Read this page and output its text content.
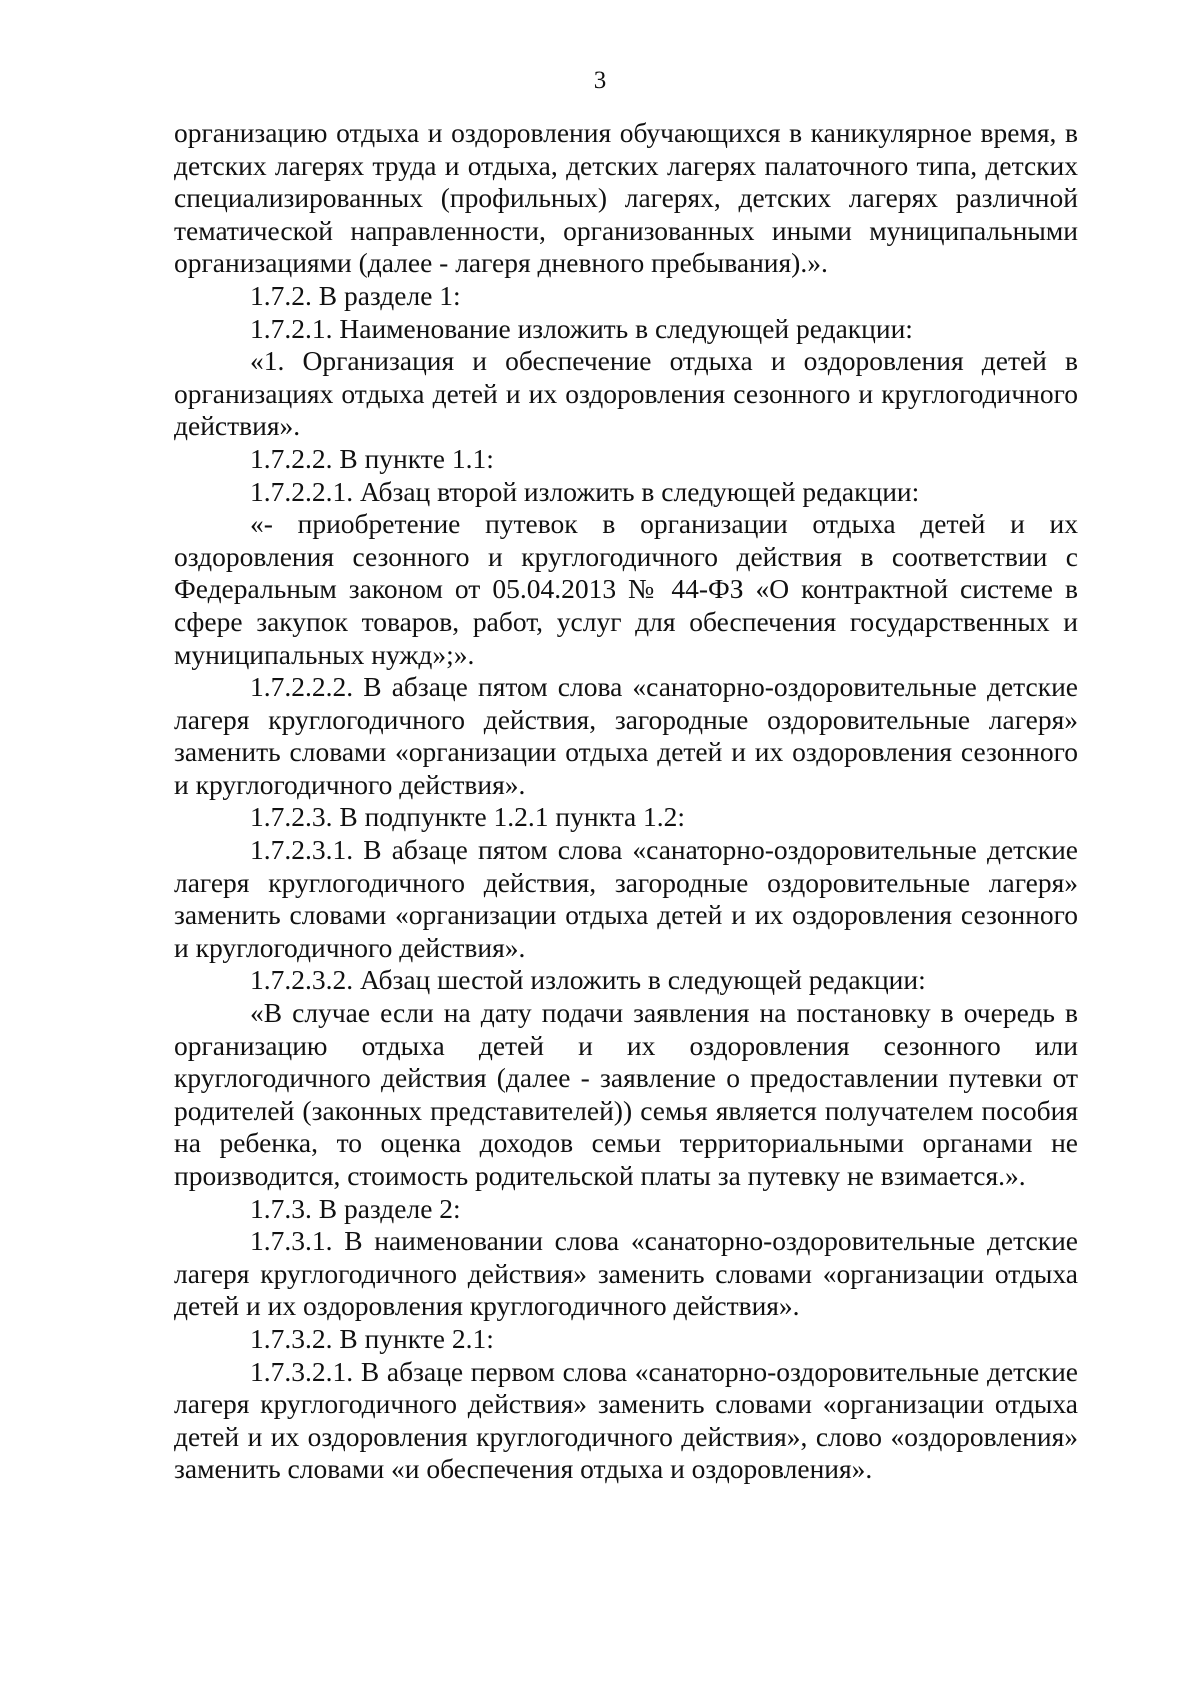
3

организацию отдыха и оздоровления обучающихся в каникулярное время, в детских лагерях труда и отдыха, детских лагерях палаточного типа, детских специализированных (профильных) лагерях, детских лагерях различной тематической направленности, организованных иными муниципальными организациями (далее - лагеря дневного пребывания).».

1.7.2. В разделе 1:

1.7.2.1. Наименование изложить в следующей редакции:

«1. Организация и обеспечение отдыха и оздоровления детей в организациях отдыха детей и их оздоровления сезонного и круглогодичного действия».

1.7.2.2. В пункте 1.1:

1.7.2.2.1. Абзац второй изложить в следующей редакции:

«- приобретение путевок в организации отдыха детей и их оздоровления сезонного и круглогодичного действия в соответствии с Федеральным законом от 05.04.2013 № 44-ФЗ «О контрактной системе в сфере закупок товаров, работ, услуг для обеспечения государственных и муниципальных нужд»;».

1.7.2.2.2. В абзаце пятом слова «санаторно-оздоровительные детские лагеря круглогодичного действия, загородные оздоровительные лагеря» заменить словами «организации отдыха детей и их оздоровления сезонного и круглогодичного действия».

1.7.2.3. В подпункте 1.2.1 пункта 1.2:

1.7.2.3.1. В абзаце пятом слова «санаторно-оздоровительные детские лагеря круглогодичного действия, загородные оздоровительные лагеря» заменить словами «организации отдыха детей и их оздоровления сезонного и круглогодичного действия».

1.7.2.3.2. Абзац шестой изложить в следующей редакции:

«В случае если на дату подачи заявления на постановку в очередь в организацию отдыха детей и их оздоровления сезонного или круглогодичного действия (далее - заявление о предоставлении путевки от родителей (законных представителей)) семья является получателем пособия на ребенка, то оценка доходов семьи территориальными органами не производится, стоимость родительской платы за путевку не взимается.».

1.7.3. В разделе 2:

1.7.3.1. В наименовании слова «санаторно-оздоровительные детские лагеря круглогодичного действия» заменить словами «организации отдыха детей и их оздоровления круглогодичного действия».

1.7.3.2. В пункте 2.1:

1.7.3.2.1. В абзаце первом слова «санаторно-оздоровительные детские лагеря круглогодичного действия» заменить словами «организации отдыха детей и их оздоровления круглогодичного действия», слово «оздоровления» заменить словами «и обеспечения отдыха и оздоровления».
